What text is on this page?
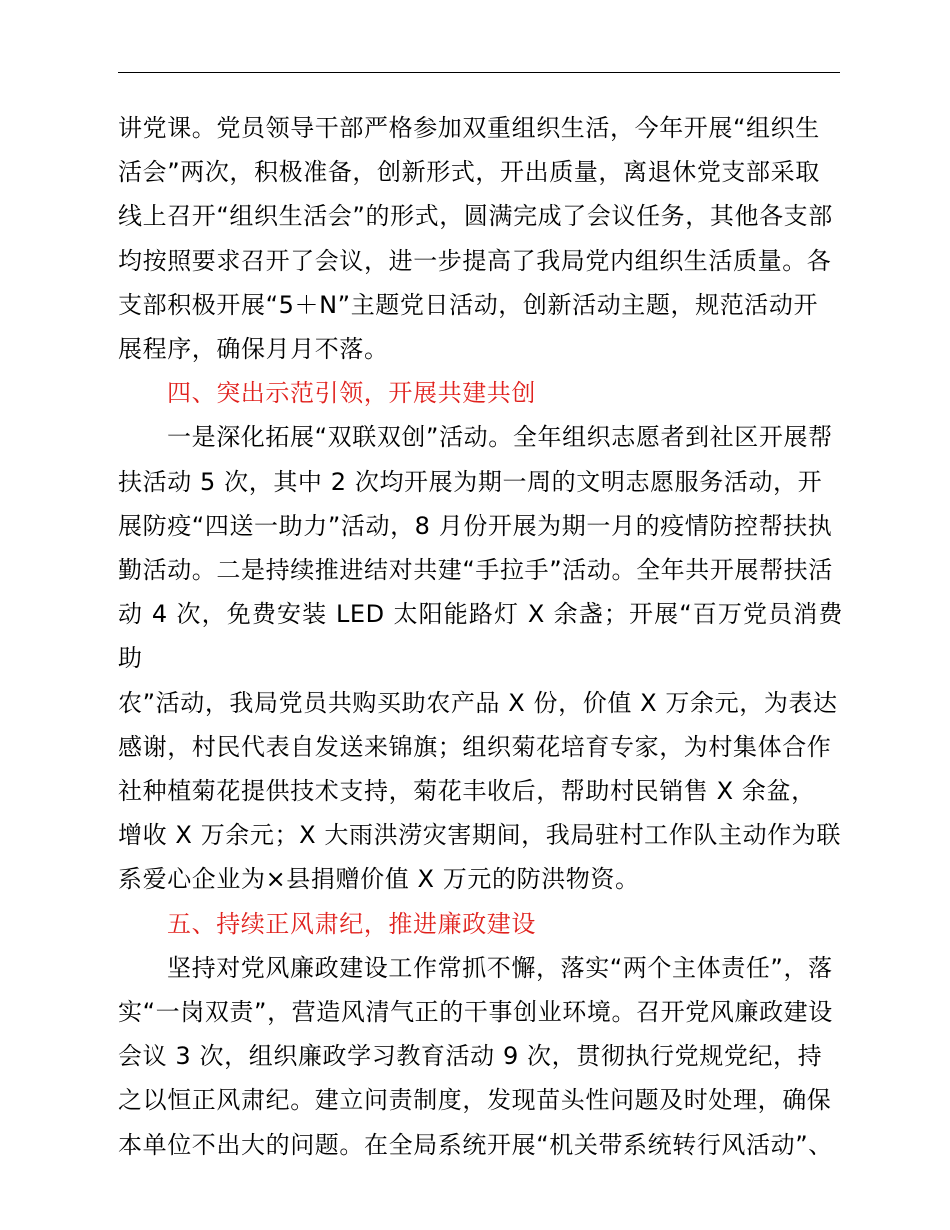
讲党课。党员领导干部严格参加双重组织生活，今年开展“组织生
活会”两次，积极准备，创新形式，开出质量，离退休党支部采取
线上召开“组织生活会”的形式，圆满完成了会议任务，其他各支部
均按照要求召开了会议，进一步提高了我局党内组织生活质量。各
支部积极开展“5＋N”主题党日活动，创新活动主题，规范活动开
展程序，确保月月不落。
四、突出示范引领，开展共建共创
一是深化拓展“双联双创”活动。全年组织志愿者到社区开展帮
扶活动 5 次，其中 2 次均开展为期一周的文明志愿服务活动，开
展防疫“四送一助力”活动，8 月份开展为期一月的疫情防控帮扶执
勤活动。二是持续推进结对共建“手拉手”活动。全年共开展帮扶活
动 4 次，免费安装 LED 太阳能路灯 X 余盏；开展“百万党员消费助
农”活动，我局党员共购买助农产品 X 份，价值 X 万余元，为表达
感谢，村民代表自发送来锦旗；组织菊花培育专家，为村集体合作
社种植菊花提供技术支持，菊花丰收后，帮助村民销售 X 余盆，
增收 X 万余元；X 大雨洪涝灾害期间，我局驻村工作队主动作为联
系爱心企业为×县捐赠价值 X 万元的防洪物资。
五、持续正风肃纪，推进廉政建设
坚持对党风廉政建设工作常抓不懈，落实“两个主体责任”，落
实“一岗双责”，营造风清气正的干事创业环境。召开党风廉政建设
会议 3 次，组织廉政学习教育活动 9 次，贯彻执行党规党纪，持
之以恒正风肃纪。建立问责制度，发现苗头性问题及时处理，确保
本单位不出大的问题。在全局系统开展“机关带系统转行风活动”、
